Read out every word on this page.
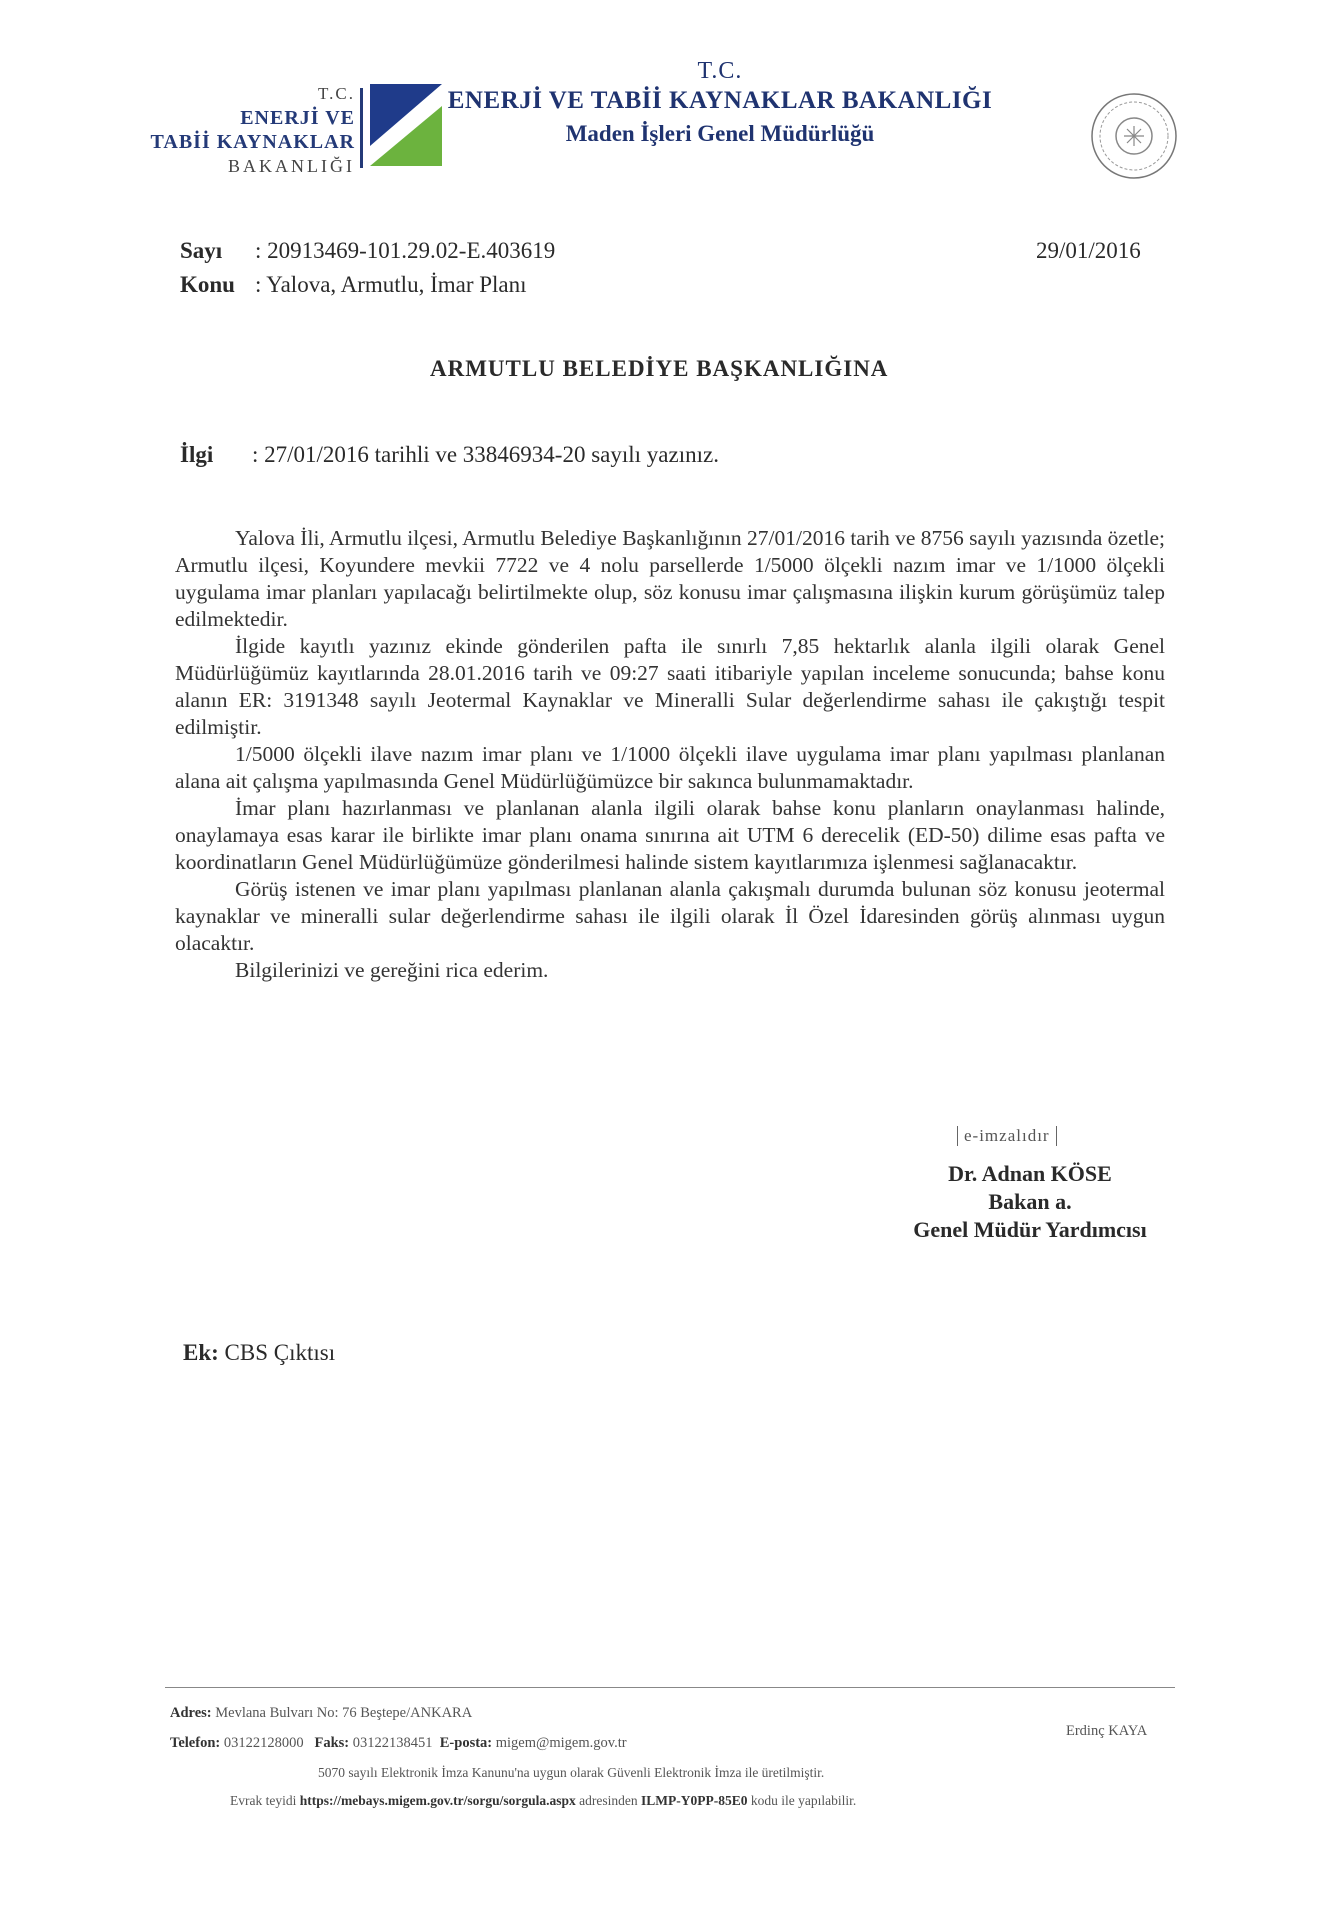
T.C.
ENERJİ VE
TABİİ KAYNAKLAR
BAKANLIĞI
T.C.
ENERJİ VE TABİİ KAYNAKLAR BAKANLIĞI
Maden İşleri Genel Müdürlüğü
Sayı : 20913469-101.29.02-E.403619
Konu : Yalova, Armutlu, İmar Planı
29/01/2016
ARMUTLU BELEDİYE BAŞKANLIĞINA
İlgi : 27/01/2016 tarihli ve 33846934-20 sayılı yazınız.

Yalova İli, Armutlu ilçesi, Armutlu Belediye Başkanlığının 27/01/2016 tarih ve 8756 sayılı yazısında özetle; Armutlu ilçesi, Koyundere mevkii 7722 ve 4 nolu parsellerde 1/5000 ölçekli nazım imar ve 1/1000 ölçekli uygulama imar planları yapılacağı belirtilmekte olup, söz konusu imar çalışmasına ilişkin kurum görüşümüz talep edilmektedir.

İlgide kayıtlı yazınız ekinde gönderilen pafta ile sınırlı 7,85 hektarlık alanla ilgili olarak Genel Müdürlüğümüz kayıtlarında 28.01.2016 tarih ve 09:27 saati itibariyle yapılan inceleme sonucunda; bahse konu alanın ER: 3191348 sayılı Jeotermal Kaynaklar ve Mineralli Sular değerlendirme sahası ile çakıştığı tespit edilmiştir.

1/5000 ölçekli ilave nazım imar planı ve 1/1000 ölçekli ilave uygulama imar planı yapılması planlanan alana ait çalışma yapılmasında Genel Müdürlüğümüzce bir sakınca bulunmamaktadır.

İmar planı hazırlanması ve planlanan alanla ilgili olarak bahse konu planların onaylanması halinde, onaylamaya esas karar ile birlikte imar planı onama sınırına ait UTM 6 derecelik (ED-50) dilime esas pafta ve koordinatların Genel Müdürlüğümüze gönderilmesi halinde sistem kayıtlarımıza işlenmesi sağlanacaktır.

Görüş istenen ve imar planı yapılması planlanan alanla çakışmalı durumda bulunan söz konusu jeotermal kaynaklar ve mineralli sular değerlendirme sahası ile ilgili olarak İl Özel İdaresinden görüş alınması uygun olacaktır.

Bilgilerinizi ve gereğini rica ederim.

e-imzalıdır
Dr. Adnan KÖSE
Bakan a.
Genel Müdür Yardımcısı
Ek: CBS Çıktısı
Adres: Mevlana Bulvarı No: 76 Beştepe/ANKARA
Telefon: 03122128000 Faks: 03122138451 E-posta: migem@migem.gov.tr
Erdinç KAYA
5070 sayılı Elektronik İmza Kanunu'na uygun olarak Güvenli Elektronik İmza ile üretilmiştir.
Evrak teyidi https://mebays.migem.gov.tr/sorgu/sorgula.aspx adresinden ILMP-Y0PP-85E0 kodu ile yapılabilir.
